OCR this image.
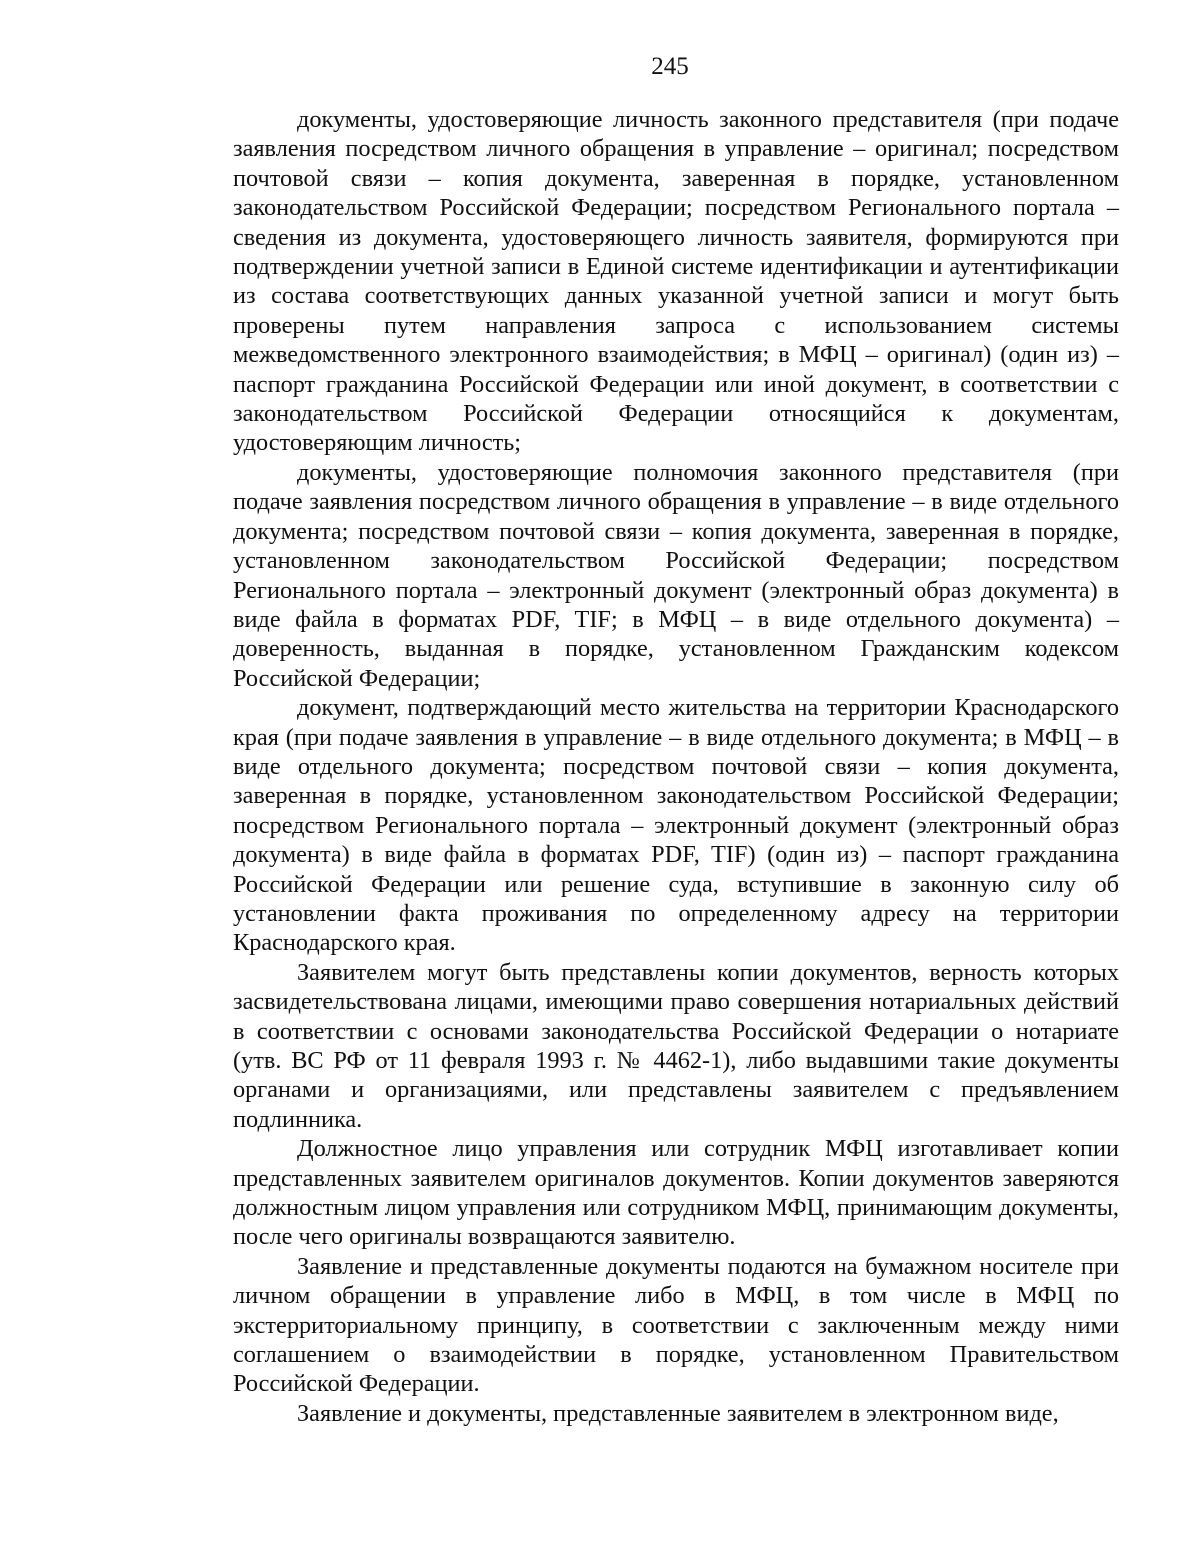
245

документы, удостоверяющие личность законного представителя (при подаче заявления посредством личного обращения в управление – оригинал; посредством почтовой связи – копия документа, заверенная в порядке, установленном законодательством Российской Федерации; посредством Регионального портала – сведения из документа, удостоверяющего личность заявителя, формируются при подтверждении учетной записи в Единой системе идентификации и аутентификации из состава соответствующих данных указанной учетной записи и могут быть проверены путем направления запроса с использованием системы межведомственного электронного взаимодействия; в МФЦ – оригинал) (один из) – паспорт гражданина Российской Федерации или иной документ, в соответствии с законодательством Российской Федерации относящийся к документам, удостоверяющим личность;

документы, удостоверяющие полномочия законного представителя (при подаче заявления посредством личного обращения в управление – в виде отдельного документа; посредством почтовой связи – копия документа, заверенная в порядке, установленном законодательством Российской Федерации; посредством Регионального портала – электронный документ (электронный образ документа) в виде файла в форматах PDF, TIF; в МФЦ – в виде отдельного документа) – доверенность, выданная в порядке, установленном Гражданским кодексом Российской Федерации;

документ, подтверждающий место жительства на территории Краснодарского края (при подаче заявления в управление – в виде отдельного документа; в МФЦ – в виде отдельного документа; посредством почтовой связи – копия документа, заверенная в порядке, установленном законодательством Российской Федерации; посредством Регионального портала – электронный документ (электронный образ документа) в виде файла в форматах PDF, TIF) (один из) – паспорт гражданина Российской Федерации или решение суда, вступившие в законную силу об установлении факта проживания по определенному адресу на территории Краснодарского края.

Заявителем могут быть представлены копии документов, верность которых засвидетельствована лицами, имеющими право совершения нотариальных действий в соответствии с основами законодательства Российской Федерации о нотариате (утв. ВС РФ от 11 февраля 1993 г. № 4462-1), либо выдавшими такие документы органами и организациями, или представлены заявителем с предъявлением подлинника.

Должностное лицо управления или сотрудник МФЦ изготавливает копии представленных заявителем оригиналов документов. Копии документов заверяются должностным лицом управления или сотрудником МФЦ, принимающим документы, после чего оригиналы возвращаются заявителю.

Заявление и представленные документы подаются на бумажном носителе при личном обращении в управление либо в МФЦ, в том числе в МФЦ по экстерриториальному принципу, в соответствии с заключенным между ними соглашением о взаимодействии в порядке, установленном Правительством Российской Федерации.

Заявление и документы, представленные заявителем в электронном виде,
